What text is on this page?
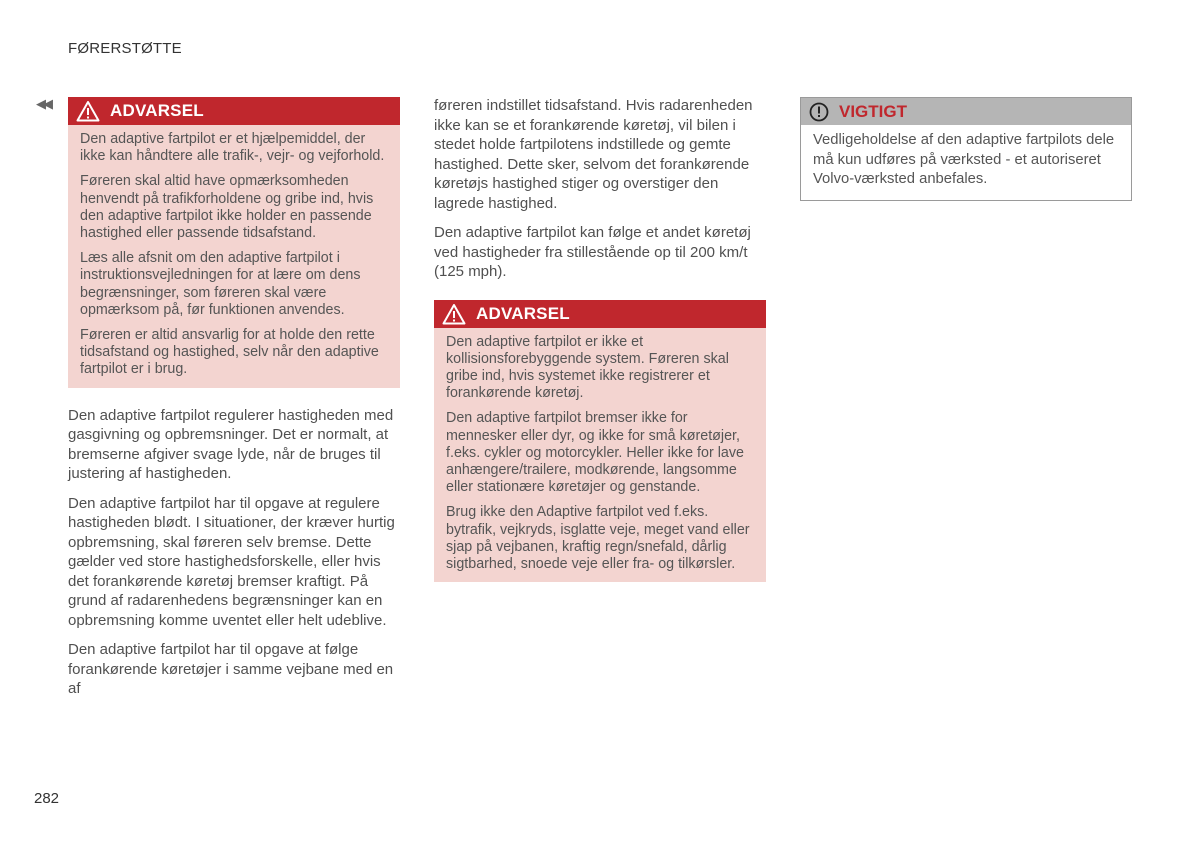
FØRERSTØTTE
◀◀	ADVARSEL

Den adaptive fartpilot er et hjælpemiddel, der ikke kan håndtere alle trafik-, vejr- og vejforhold.

Føreren skal altid have opmærksomheden henvendt på trafikforholdene og gribe ind, hvis den adaptive fartpilot ikke holder en passende hastighed eller passende tidsafstand.

Læs alle afsnit om den adaptive fartpilot i instruktionsvejledningen for at lære om dens begrænsninger, som føreren skal være opmærksom på, før funktionen anvendes.

Føreren er altid ansvarlig for at holde den rette tidsafstand og hastighed, selv når den adaptive fartpilot er i brug.

Den adaptive fartpilot regulerer hastigheden med gasgivning og opbremsninger. Det er normalt, at bremserne afgiver svage lyde, når de bruges til justering af hastigheden.

Den adaptive fartpilot har til opgave at regulere hastigheden blødt. I situationer, der kræver hurtig opbremsning, skal føreren selv bremse. Dette gælder ved store hastighedsforskelle, eller hvis det forankørende køretøj bremser kraftigt. På grund af radarenhedens begrænsninger kan en opbremsning komme uventet eller helt udeblive.

Den adaptive fartpilot har til opgave at følge forankørende køretøjer i samme vejbane med en af

føreren indstillet tidsafstand. Hvis radarenheden ikke kan se et forankørende køretøj, vil bilen i stedet holde fartpilotens indstillede og gemte hastighed. Dette sker, selvom det forankørende køretøjs hastighed stiger og overstiger den lagrede hastighed.

Den adaptive fartpilot kan følge et andet køretøj ved hastigheder fra stillestående op til 200 km/t (125 mph).

ADVARSEL

Den adaptive fartpilot er ikke et kollisionsforebyggende system. Føreren skal gribe ind, hvis systemet ikke registrerer et forankørende køretøj.

Den adaptive fartpilot bremser ikke for mennesker eller dyr, og ikke for små køretøjer, f.eks. cykler og motorcykler. Heller ikke for lave anhængere/trailere, modkørende, langsomme eller stationære køretøjer og genstande.

Brug ikke den Adaptive fartpilot ved f.eks. bytrafik, vejkryds, isglatte veje, meget vand eller sjap på vejbanen, kraftig regn/snefald, dårlig sigtbarhed, snoede veje eller fra- og tilkørsler.

VIGTIGT

Vedligeholdelse af den adaptive fartpilots dele må kun udføres på værksted - et autoriseret Volvo-værksted anbefales.

282
